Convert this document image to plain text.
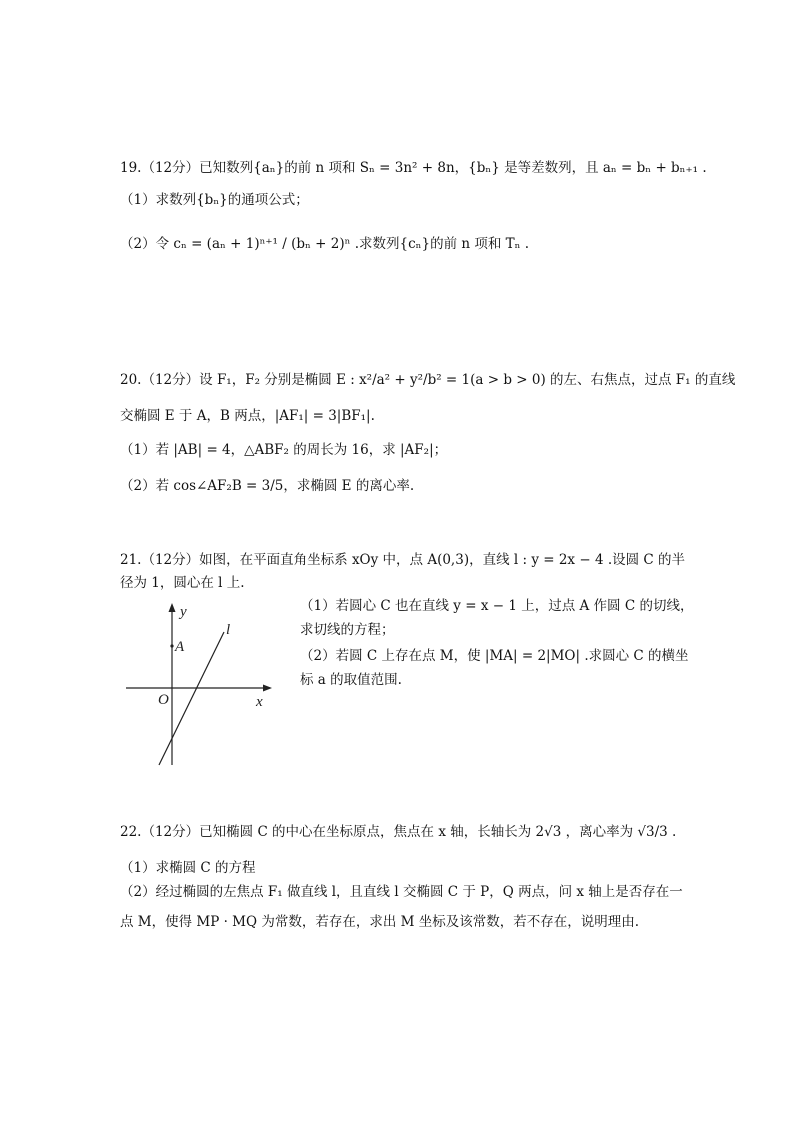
19.（12分）已知数列{aₙ}的前 n 项和 Sₙ = 3n² + 8n，{bₙ} 是等差数列，且 aₙ = bₙ + bₙ₊₁ .
（1）求数列{bₙ}的通项公式；
（2）令 cₙ = (aₙ + 1)ⁿ⁺¹ / (bₙ + 2)ⁿ .求数列{cₙ}的前 n 项和 Tₙ .
20.（12分）设 F₁，F₂ 分别是椭圆 E : x²/a² + y²/b² = 1(a > b > 0) 的左、右焦点，过点 F₁ 的直线
交椭圆 E 于 A，B 两点，|AF₁| = 3|BF₁|.
（1）若 |AB| = 4，△ABF₂ 的周长为 16，求 |AF₂|；
（2）若 cos∠AF₂B = 3/5，求椭圆 E 的离心率.
21.（12分）如图，在平面直角坐标系 xOy 中，点 A(0,3)，直线 l : y = 2x − 4 .设圆 C 的半
径为 1，圆心在 l 上.
（1）若圆心 C 也在直线 y = x − 1 上，过点 A 作圆 C 的切线，
求切线的方程；
（2）若圆 C 上存在点 M，使 |MA| = 2|MO| .求圆心 C 的横坐
标 a 的取值范围.
y
A
l
O	x
22.（12分）已知椭圆 C 的中心在坐标原点，焦点在 x 轴，长轴长为 2√3 ，离心率为 √3/3 .
（1）求椭圆 C 的方程
（2）经过椭圆的左焦点 F₁ 做直线 l，且直线 l 交椭圆 C 于 P，Q 两点，问 x 轴上是否存在一
点 M，使得 MP · MQ 为常数，若存在，求出 M 坐标及该常数，若不存在，说明理由.
